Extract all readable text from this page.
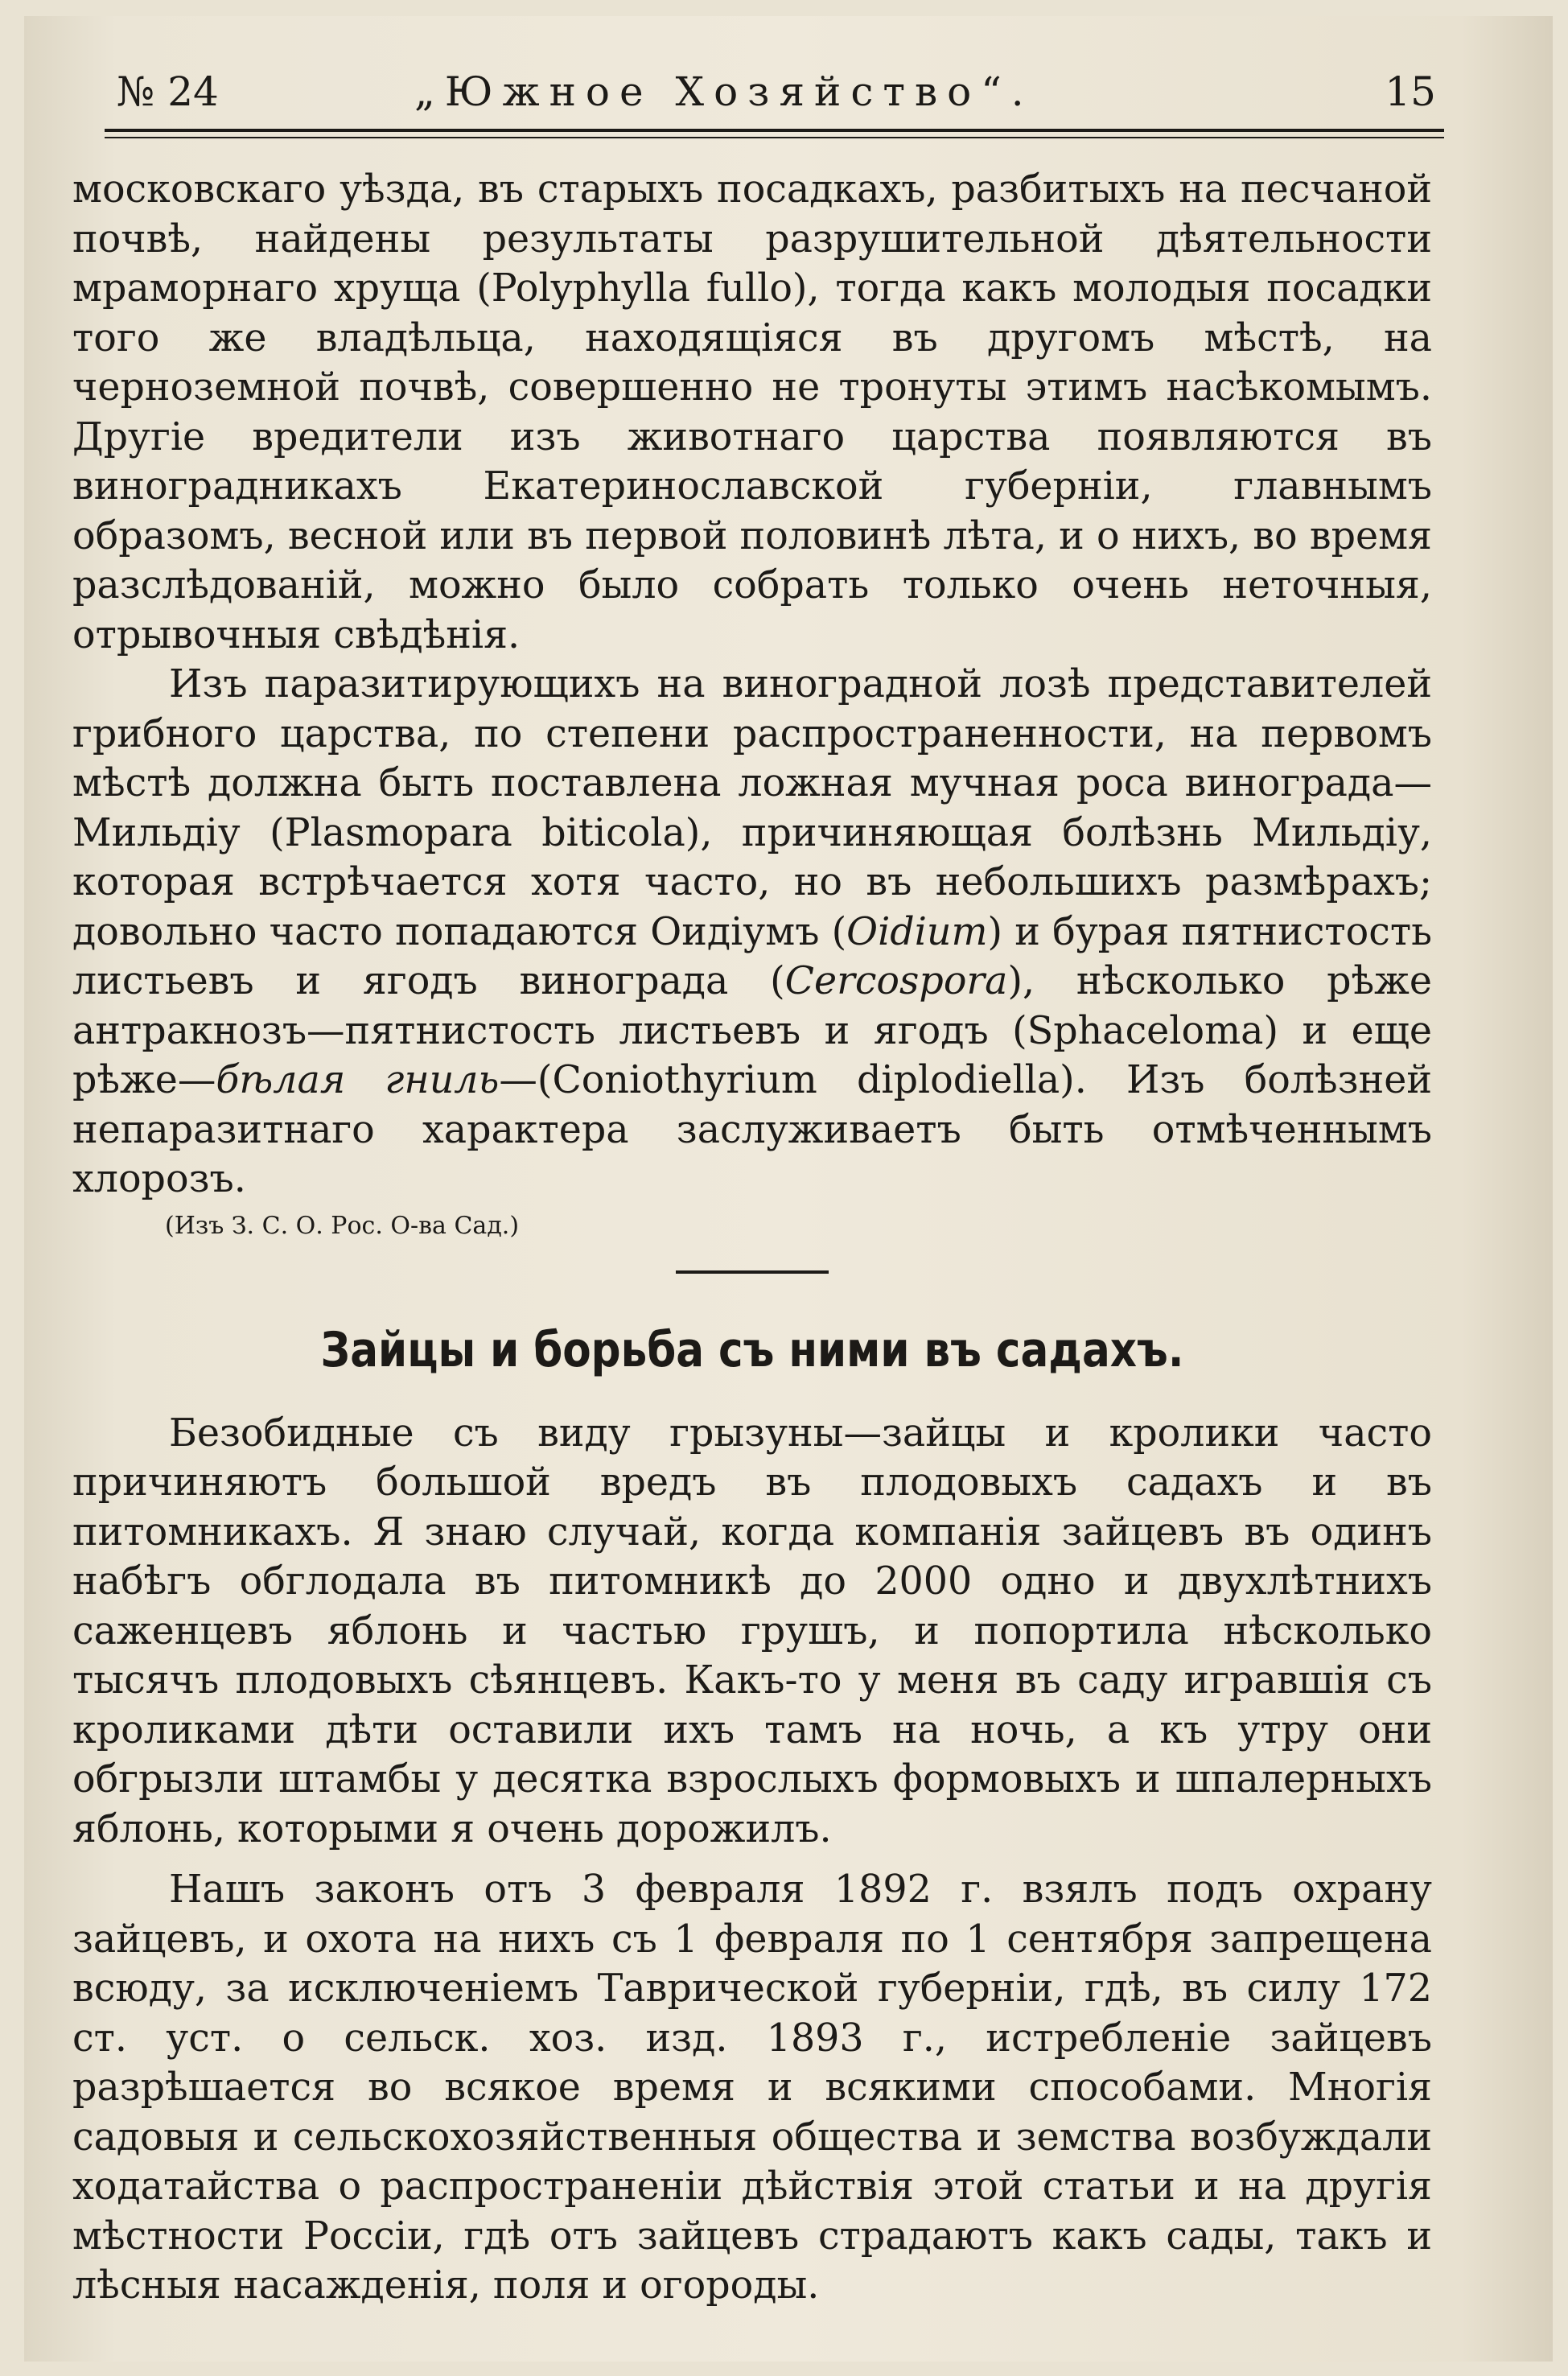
№ 24	„Южное Хозяйство“.	15

московскаго уѣзда, въ старыхъ посадкахъ, разбитыхъ на песчаной почвѣ, найдены результаты разрушительной дѣятельности мраморнаго хруща (Polyphylla fullo), тогда какъ молодыя посадки того же владѣльца, находящіяся въ другомъ мѣстѣ, на черноземной почвѣ, совершенно не тронуты этимъ насѣкомымъ. Другіе вредители изъ животнаго царства появляются въ виноградникахъ Екатеринославской губерніи, главнымъ образомъ, весной или въ первой половинѣ лѣта, и о нихъ, во время разслѣдованій, можно было собрать только очень неточныя, отрывочныя свѣдѣнія.

Изъ паразитирующихъ на виноградной лозѣ представителей грибного царства, по степени распространенности, на первомъ мѣстѣ должна быть поставлена ложная мучная роса винограда—Мильдіу (Plasmopara biticola), причиняющая болѣзнь Мильдіу, которая встрѣчается хотя часто, но въ небольшихъ размѣрахъ; довольно часто попадаются Оидіумъ (Oidium) и бурая пятнистость листьевъ и ягодъ винограда (Cercospora), нѣсколько рѣже антракнозъ—пятнистость листьевъ и ягодъ (Sphaceloma) и еще рѣже—бѣлая гниль—(Coniothyrium diplodiella). Изъ болѣзней непаразитнаго характера заслуживаетъ быть отмѣченнымъ хлорозъ.

(Изъ З. С. О. Рос. О-ва Сад.)
Зайцы и борьба съ ними въ садахъ.

Безобидные съ виду грызуны—зайцы и кролики часто причиняютъ большой вредъ въ плодовыхъ садахъ и въ питомникахъ. Я знаю случай, когда компанія зайцевъ въ одинъ набѣгъ обглодала въ питомникѣ до 2000 одно и двухлѣтнихъ саженцевъ яблонь и частью грушъ, и попортила нѣсколько тысячъ плодовыхъ сѣянцевъ. Какъ-то у меня въ саду игравшія съ кроликами дѣти оставили ихъ тамъ на ночь, а къ утру они обгрызли штамбы у десятка взрослыхъ формовыхъ и шпалерныхъ яблонь, которыми я очень дорожилъ.

Нашъ законъ отъ 3 февраля 1892 г. взялъ подъ охрану зайцевъ, и охота на нихъ съ 1 февраля по 1 сентября запрещена всюду, за исключеніемъ Таврической губерніи, гдѣ, въ силу 172 ст. уст. о сельск. хоз. изд. 1893 г., истребленіе зайцевъ разрѣшается во всякое время и всякими способами. Многія садовыя и сельскохозяйственныя общества и земства возбуждали ходатайства о распространеніи дѣйствія этой статьи и на другія мѣстности Россіи, гдѣ отъ зайцевъ страдаютъ какъ сады, такъ и лѣсныя насажденія, поля и огороды.
